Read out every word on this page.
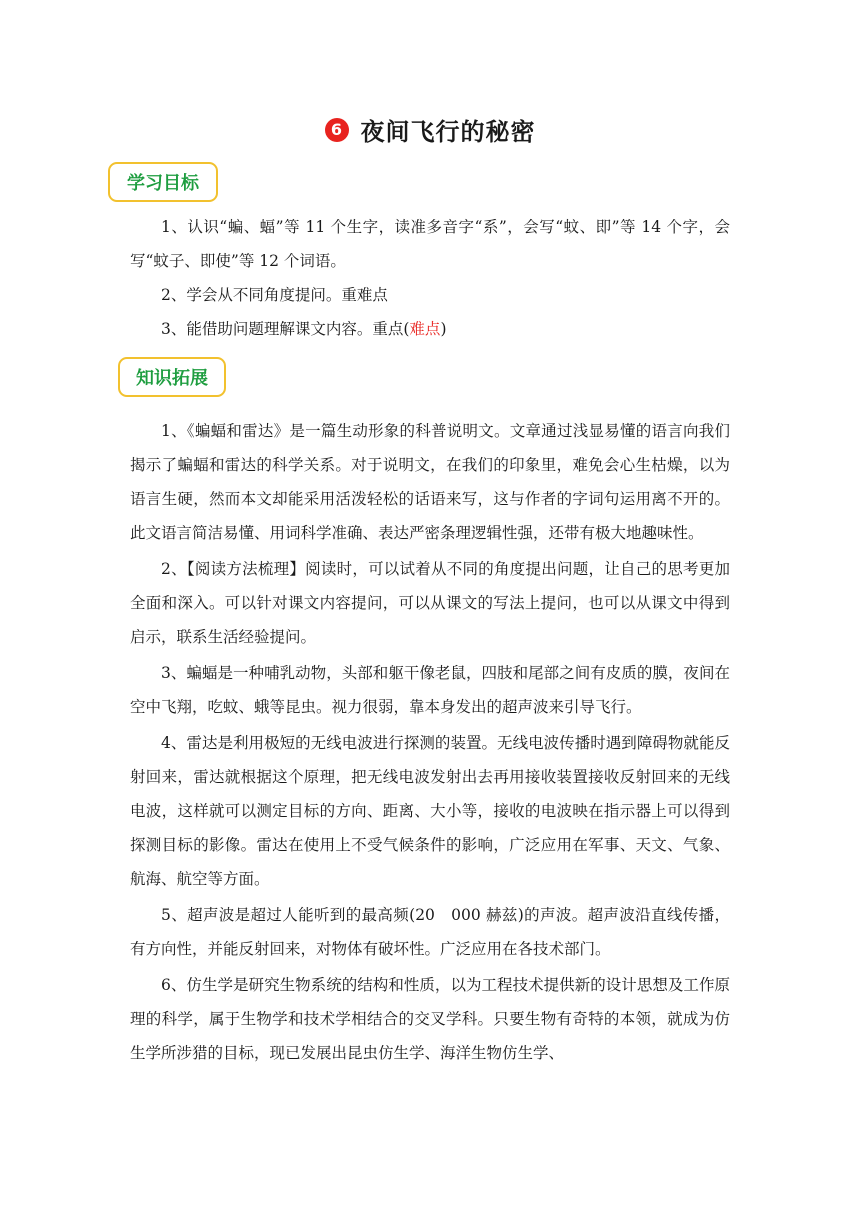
6 夜间飞行的秘密
学习目标

1、认识“蝙、蝠”等 11 个生字，读准多音字“系”，会写“蚊、即”等 14 个字，会写“蚊子、即使”等 12 个词语。

2、学会从不同角度提问。重难点

3、能借助问题理解课文内容。重点(难点)

知识拓展

1、《蝙蝠和雷达》是一篇生动形象的科普说明文。文章通过浅显易懂的语言向我们揭示了蝙蝠和雷达的科学关系。对于说明文，在我们的印象里，难免会心生枯燥，以为语言生硬，然而本文却能采用活泼轻松的话语来写，这与作者的字词句运用离不开的。此文语言简洁易懂、用词科学准确、表达严密条理逻辑性强，还带有极大地趣味性。

2、【阅读方法梳理】阅读时，可以试着从不同的角度提出问题，让自己的思考更加全面和深入。可以针对课文内容提问，可以从课文的写法上提问，也可以从课文中得到启示，联系生活经验提问。

3、蝙蝠是一种哺乳动物，头部和躯干像老鼠，四肢和尾部之间有皮质的膜，夜间在空中飞翔，吃蚊、蛾等昆虫。视力很弱，靠本身发出的超声波来引导飞行。

4、雷达是利用极短的无线电波进行探测的装置。无线电波传播时遇到障碍物就能反射回来，雷达就根据这个原理，把无线电波发射出去再用接收装置接收反射回来的无线电波，这样就可以测定目标的方向、距离、大小等，接收的电波映在指示器上可以得到探测目标的影像。雷达在使用上不受气候条件的影响，广泛应用在军事、天文、气象、航海、航空等方面。

5、超声波是超过人能听到的最高频(20　000 赫兹)的声波。超声波沿直线传播，有方向性，并能反射回来，对物体有破坏性。广泛应用在各技术部门。

6、仿生学是研究生物系统的结构和性质，以为工程技术提供新的设计思想及工作原理的科学，属于生物学和技术学相结合的交叉学科。只要生物有奇特的本领，就成为仿生学所涉猎的目标，现已发展出昆虫仿生学、海洋生物仿生学、
